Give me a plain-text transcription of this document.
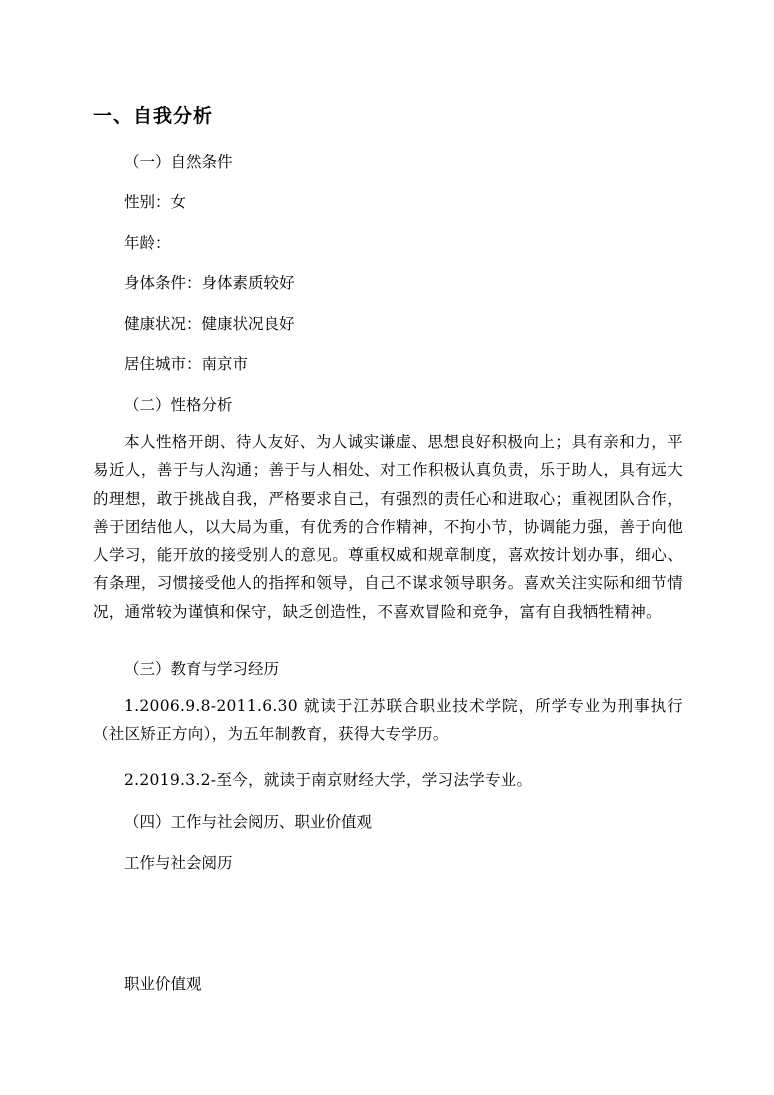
一、自我分析

（一）自然条件

性别：女

年龄：

身体条件：身体素质较好

健康状况：健康状况良好

居住城市：南京市

（二）性格分析

本人性格开朗、待人友好、为人诚实谦虚、思想良好积极向上；具有亲和力，平易近人，善于与人沟通；善于与人相处、对工作积极认真负责，乐于助人，具有远大的理想，敢于挑战自我，严格要求自己，有强烈的责任心和进取心；重视团队合作，善于团结他人，以大局为重，有优秀的合作精神，不拘小节，协调能力强，善于向他人学习，能开放的接受别人的意见。尊重权威和规章制度，喜欢按计划办事，细心、有条理，习惯接受他人的指挥和领导，自己不谋求领导职务。喜欢关注实际和细节情况，通常较为谨慎和保守，缺乏创造性，不喜欢冒险和竞争，富有自我牺牲精神。

（三）教育与学习经历

1.2006.9.8-2011.6.30 就读于江苏联合职业技术学院，所学专业为刑事执行（社区矫正方向），为五年制教育，获得大专学历。

2.2019.3.2-至今，就读于南京财经大学，学习法学专业。

（四）工作与社会阅历、职业价值观

工作与社会阅历

职业价值观
